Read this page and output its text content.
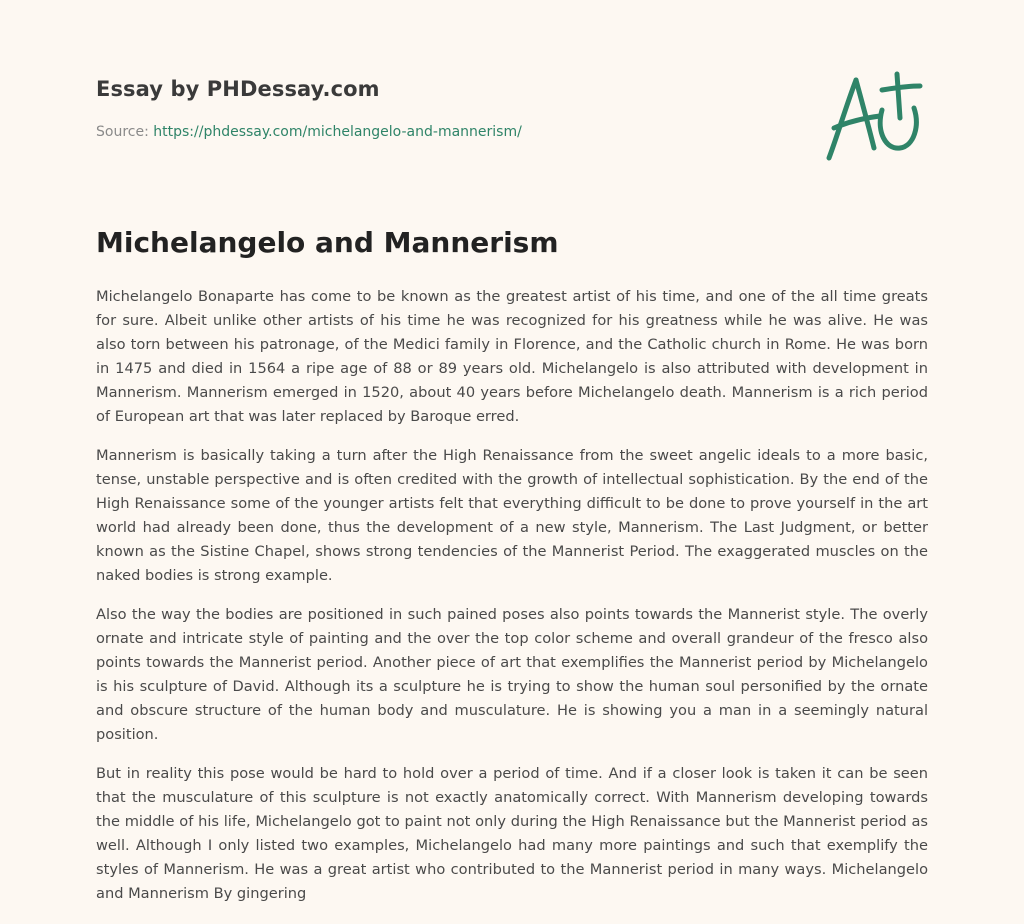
Essay by PHDessay.com
Source: https://phdessay.com/michelangelo-and-mannerism/
Michelangelo and Mannerism

Michelangelo Bonaparte has come to be known as the greatest artist of his time, and one of the all time greats for sure. Albeit unlike other artists of his time he was recognized for his greatness while he was alive. He was also torn between his patronage, of the Medici family in Florence, and the Catholic church in Rome. He was born in 1475 and died in 1564 a ripe age of 88 or 89 years old. Michelangelo is also attributed with development in Mannerism. Mannerism emerged in 1520, about 40 years before Michelangelo death. Mannerism is a rich period of European art that was later replaced by Baroque erred.

Mannerism is basically taking a turn after the High Renaissance from the sweet angelic ideals to a more basic, tense, unstable perspective and is often credited with the growth of intellectual sophistication. By the end of the High Renaissance some of the younger artists felt that everything difficult to be done to prove yourself in the art world had already been done, thus the development of a new style, Mannerism. The Last Judgment, or better known as the Sistine Chapel, shows strong tendencies of the Mannerist Period. The exaggerated muscles on the naked bodies is strong example.

Also the way the bodies are positioned in such pained poses also points towards the Mannerist style. The overly ornate and intricate style of painting and the over the top color scheme and overall grandeur of the fresco also points towards the Mannerist period. Another piece of art that exemplifies the Mannerist period by Michelangelo is his sculpture of David. Although its a sculpture he is trying to show the human soul personified by the ornate and obscure structure of the human body and musculature. He is showing you a man in a seemingly natural position.

But in reality this pose would be hard to hold over a period of time. And if a closer look is taken it can be seen that the musculature of this sculpture is not exactly anatomically correct. With Mannerism developing towards the middle of his life, Michelangelo got to paint not only during the High Renaissance but the Mannerist period as well. Although I only listed two examples, Michelangelo had many more paintings and such that exemplify the styles of Mannerism. He was a great artist who contributed to the Mannerist period in many ways. Michelangelo and Mannerism By gingering
